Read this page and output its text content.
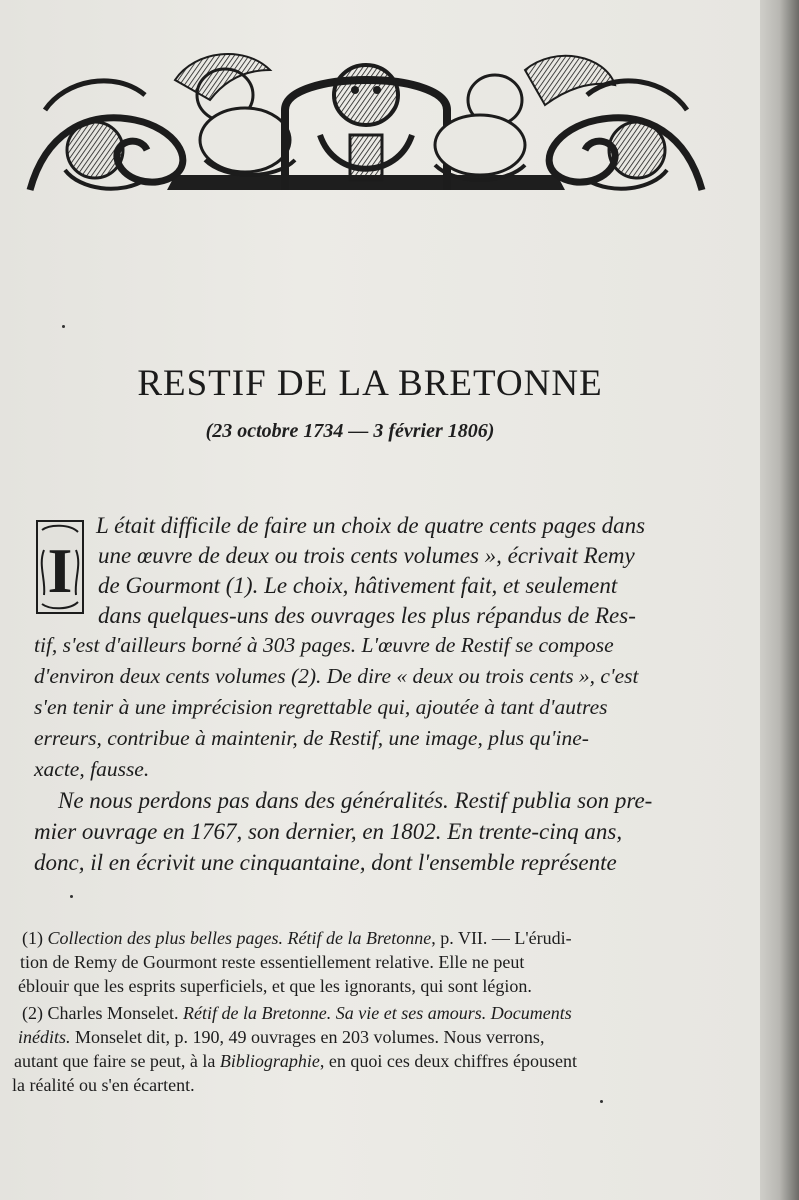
RESTIF DE LA BRETONNE
(23 octobre 1734 — 3 février 1806)
I
L était difficile de faire un choix de quatre cents pages dans
une œuvre de deux ou trois cents volumes », écrivait Remy
de Gourmont (1). Le choix, hâtivement fait, et seulement
dans quelques-uns des ouvrages les plus répandus de Res-
tif, s'est d'ailleurs borné à 303 pages. L'œuvre de Restif se compose
d'environ deux cents volumes (2). De dire « deux ou trois cents », c'est
s'en tenir à une imprécision regrettable qui, ajoutée à tant d'autres
erreurs, contribue à maintenir, de Restif, une image, plus qu'ine-
xacte, fausse.
Ne nous perdons pas dans des généralités. Restif publia son pre-
mier ouvrage en 1767, son dernier, en 1802. En trente-cinq ans,
donc, il en écrivit une cinquantaine, dont l'ensemble représente
(1) Collection des plus belles pages. Rétif de la Bretonne, p. VII. — L'érudi-
tion de Remy de Gourmont reste essentiellement relative. Elle ne peut
éblouir que les esprits superficiels, et que les ignorants, qui sont légion.
(2) Charles Monselet. Rétif de la Bretonne. Sa vie et ses amours. Documents
inédits. Monselet dit, p. 190, 49 ouvrages en 203 volumes. Nous verrons,
autant que faire se peut, à la Bibliographie, en quoi ces deux chiffres épousent
la réalité ou s'en écartent.
